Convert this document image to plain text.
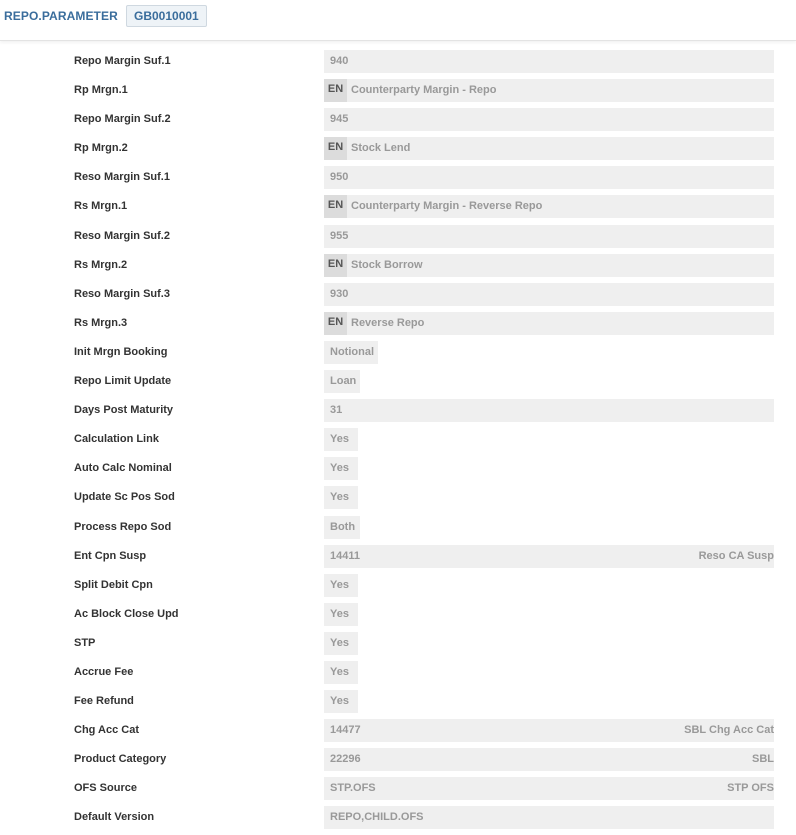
REPO.PARAMETER	GB0010001
Repo Margin Suf.1	940
Rp Mrgn.1	EN Counterparty Margin - Repo
Repo Margin Suf.2	945
Rp Mrgn.2	EN Stock Lend
Reso Margin Suf.1	950
Rs Mrgn.1	EN Counterparty Margin - Reverse Repo
Reso Margin Suf.2	955
Rs Mrgn.2	EN Stock Borrow
Reso Margin Suf.3	930
Rs Mrgn.3	EN Reverse Repo
Init Mrgn Booking	Notional
Repo Limit Update	Loan
Days Post Maturity	31
Calculation Link	Yes
Auto Calc Nominal	Yes
Update Sc Pos Sod	Yes
Process Repo Sod	Both
Ent Cpn Susp	14411	Reso CA Susp
Split Debit Cpn	Yes
Ac Block Close Upd	Yes
STP	Yes
Accrue Fee	Yes
Fee Refund	Yes
Chg Acc Cat	14477	SBL Chg Acc Cat
Product Category	22296	SBL
OFS Source	STP.OFS	STP OFS
Default Version	REPO,CHILD.OFS
